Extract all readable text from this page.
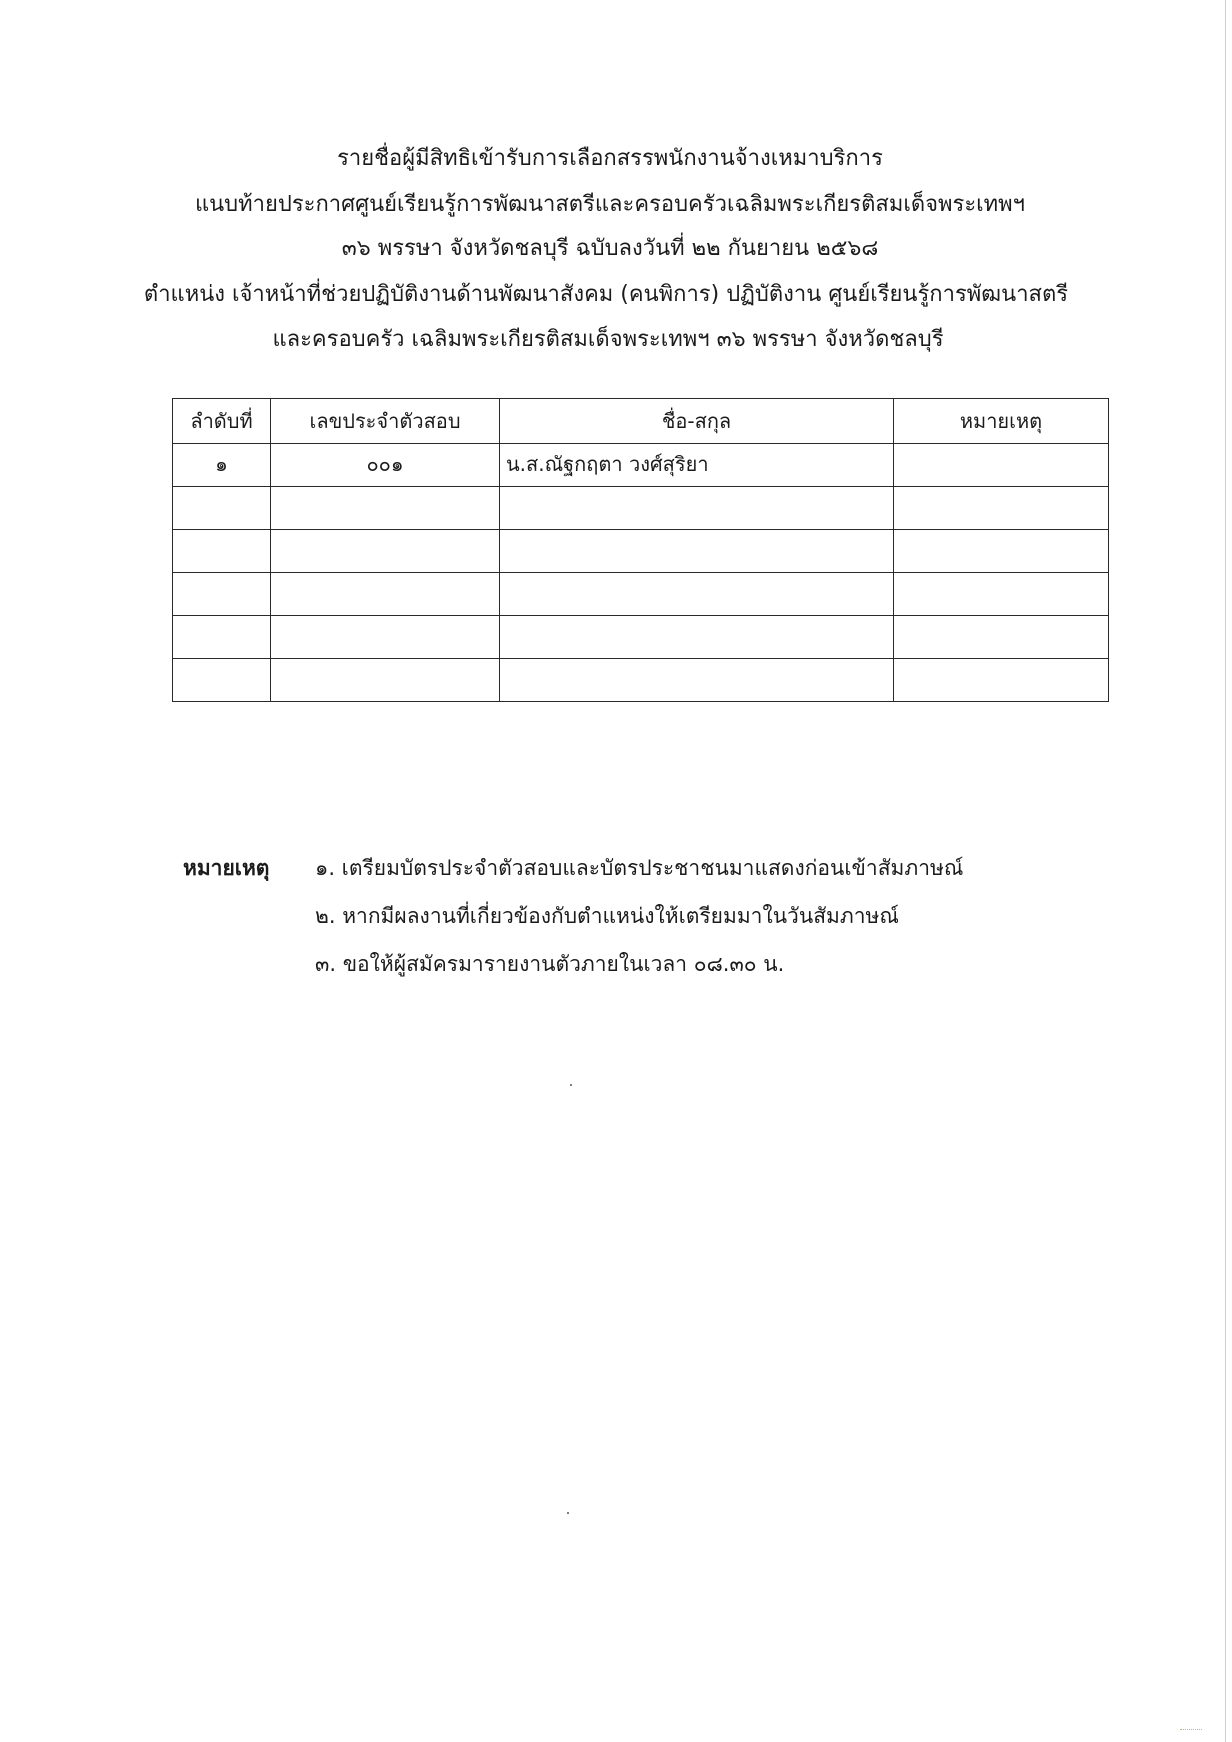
รายชื่อผู้มีสิทธิเข้ารับการเลือกสรรพนักงานจ้างเหมาบริการ
แนบท้ายประกาศศูนย์เรียนรู้การพัฒนาสตรีและครอบครัวเฉลิมพระเกียรติสมเด็จพระเทพฯ
๓๖ พรรษา จังหวัดชลบุรี ฉบับลงวันที่ ๒๒ กันยายน ๒๕๖๘
ตำแหน่ง เจ้าหน้าที่ช่วยปฏิบัติงานด้านพัฒนาสังคม (คนพิการ) ปฏิบัติงาน ศูนย์เรียนรู้การพัฒนาสตรี
และครอบครัว เฉลิมพระเกียรติสมเด็จพระเทพฯ ๓๖ พรรษา จังหวัดชลบุรี
ลำดับที่	เลขประจำตัวสอบ	ชื่อ-สกุล	หมายเหตุ
๑	๐๐๑	น.ส.ณัฐกฤตา วงศ์สุริยา	

หมายเหตุ ๑. เตรียมบัตรประจำตัวสอบและบัตรประชาชนมาแสดงก่อนเข้าสัมภาษณ์
๒. หากมีผลงานที่เกี่ยวข้องกับตำแหน่งให้เตรียมมาในวันสัมภาษณ์
๓. ขอให้ผู้สมัครมารายงานตัวภายในเวลา ๐๘.๓๐ น.
